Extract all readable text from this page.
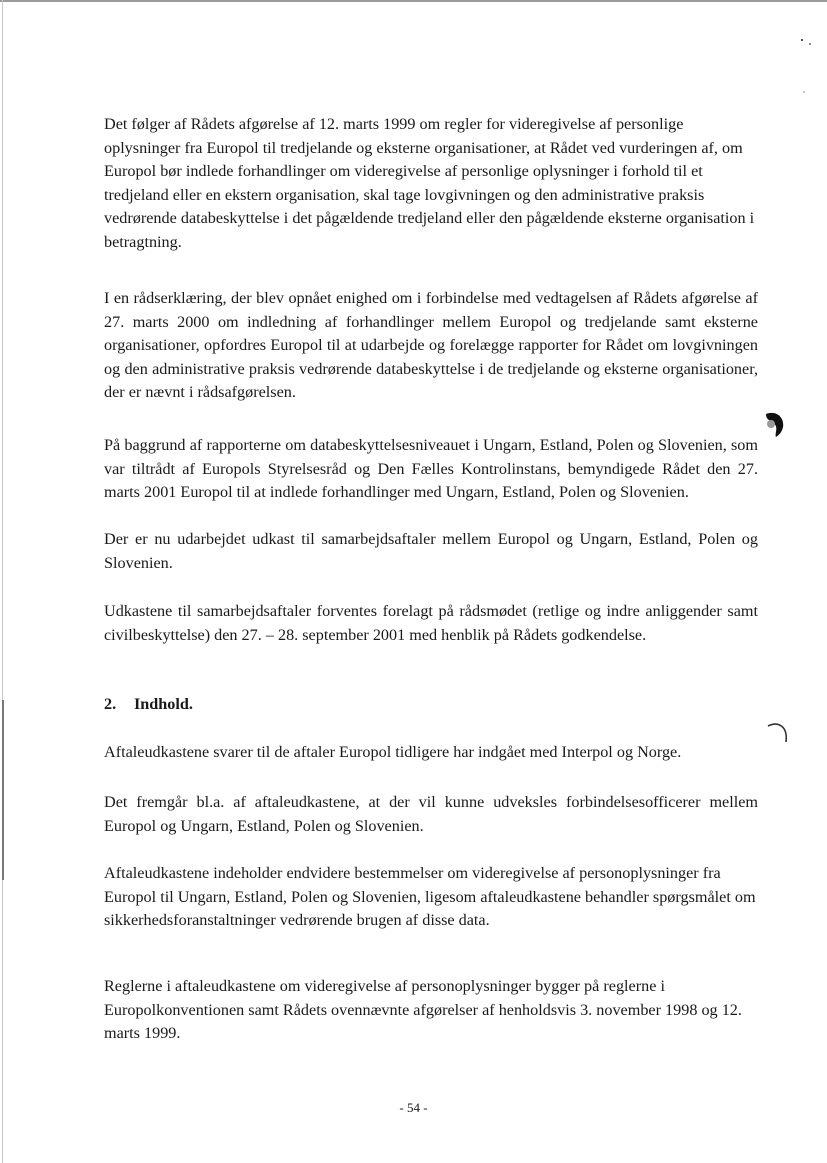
Det følger af Rådets afgørelse af 12. marts 1999 om regler for videregivelse af personlige oplysninger fra Europol til tredjelande og eksterne organisationer, at Rådet ved vurderingen af, om Europol bør indlede forhandlinger om videregivelse af personlige oplysninger i forhold til et tredjeland eller en ekstern organisation, skal tage lovgivningen og den administrative praksis vedrørende databeskyttelse i det pågældende tredjeland eller den pågældende eksterne organisation i betragtning.

I en rådserklæring, der blev opnået enighed om i forbindelse med vedtagelsen af Rådets afgørelse af 27. marts 2000 om indledning af forhandlinger mellem Europol og tredjelande samt eksterne organisationer, opfordres Europol til at udarbejde og forelægge rapporter for Rådet om lovgivningen og den administrative praksis vedrørende databeskyttelse i de tredjelande og eksterne organisationer, der er nævnt i rådsafgørelsen.

På baggrund af rapporterne om databeskyttelsesniveauet i Ungarn, Estland, Polen og Slovenien, som var tiltrådt af Europols Styrelsesråd og Den Fælles Kontrolinstans, bemyndigede Rådet den 27. marts 2001 Europol til at indlede forhandlinger med Ungarn, Estland, Polen og Slovenien.

Der er nu udarbejdet udkast til samarbejdsaftaler mellem Europol og Ungarn, Estland, Polen og Slovenien.

Udkastene til samarbejdsaftaler forventes forelagt på rådsmødet (retlige og indre anliggender samt civilbeskyttelse) den 27. – 28. september 2001 med henblik på Rådets godkendelse.

2. Indhold.

Aftaleudkastene svarer til de aftaler Europol tidligere har indgået med Interpol og Norge.

Det fremgår bl.a. af aftaleudkastene, at der vil kunne udveksles forbindelsesofficerer mellem Europol og Ungarn, Estland, Polen og Slovenien.

Aftaleudkastene indeholder endvidere bestemmelser om videregivelse af personoplysninger fra Europol til Ungarn, Estland, Polen og Slovenien, ligesom aftaleudkastene behandler spørgsmålet om sikkerhedsforanstaltninger vedrørende brugen af disse data.

Reglerne i aftaleudkastene om videregivelse af personoplysninger bygger på reglerne i Europolkonventionen samt Rådets ovennævnte afgørelser af henholdsvis 3. november 1998 og 12. marts 1999.

- 54 -
